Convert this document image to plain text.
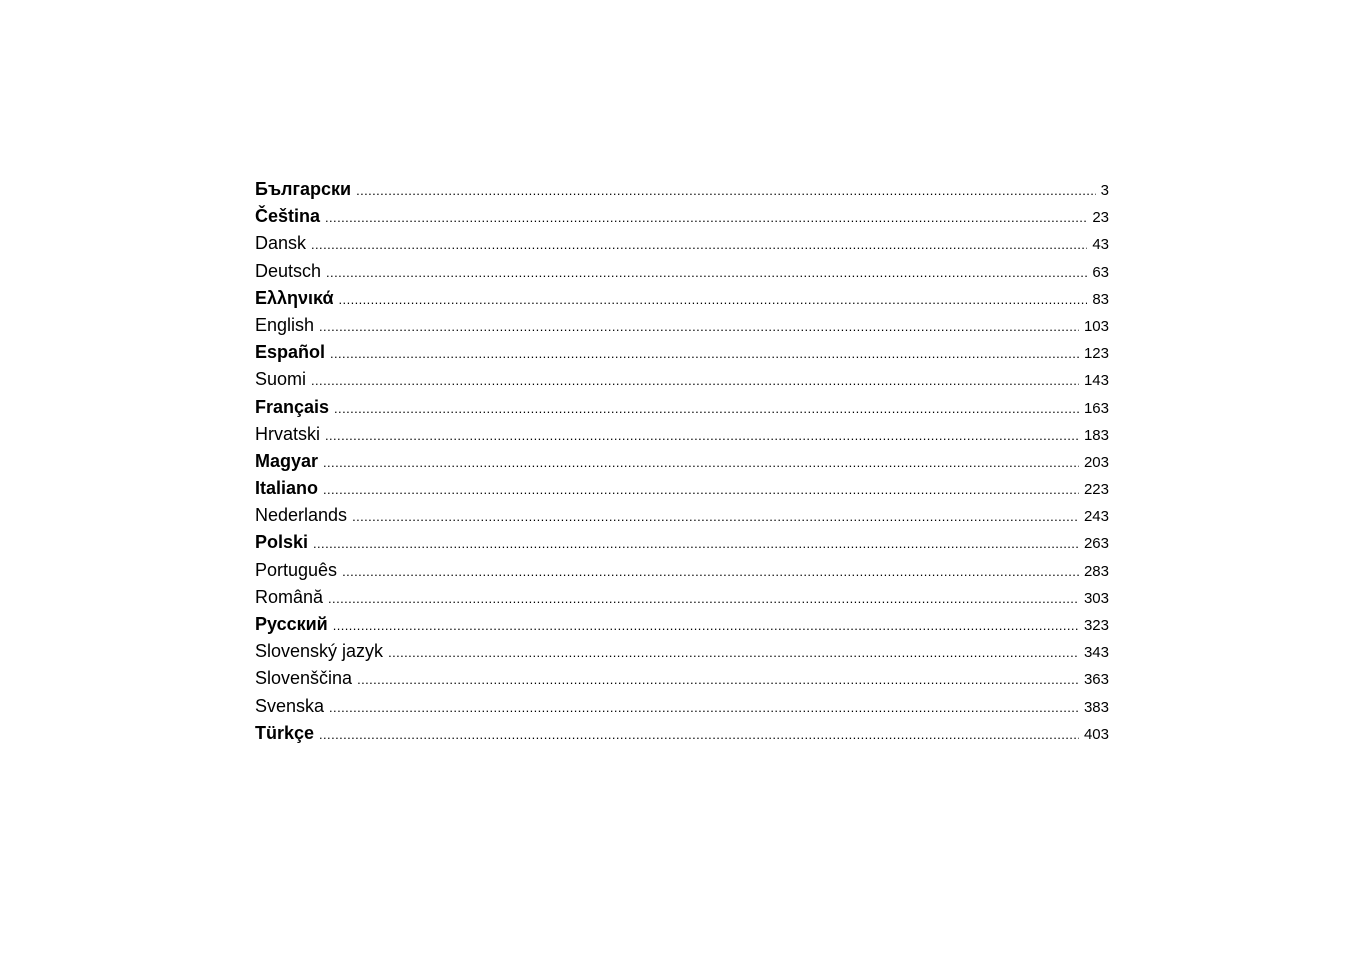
Български .....	3
Čeština .....	23
Dansk .....	43
Deutsch .....	63
Ελληνικά .....	83
English .....	103
Español .....	123
Suomi .....	143
Français .....	163
Hrvatski .....	183
Magyar .....	203
Italiano .....	223
Nederlands .....	243
Polski .....	263
Português .....	283
Română .....	303
Русский .....	323
Slovenský jazyk .....	343
Slovenščina .....	363
Svenska .....	383
Türkçe .....	403
